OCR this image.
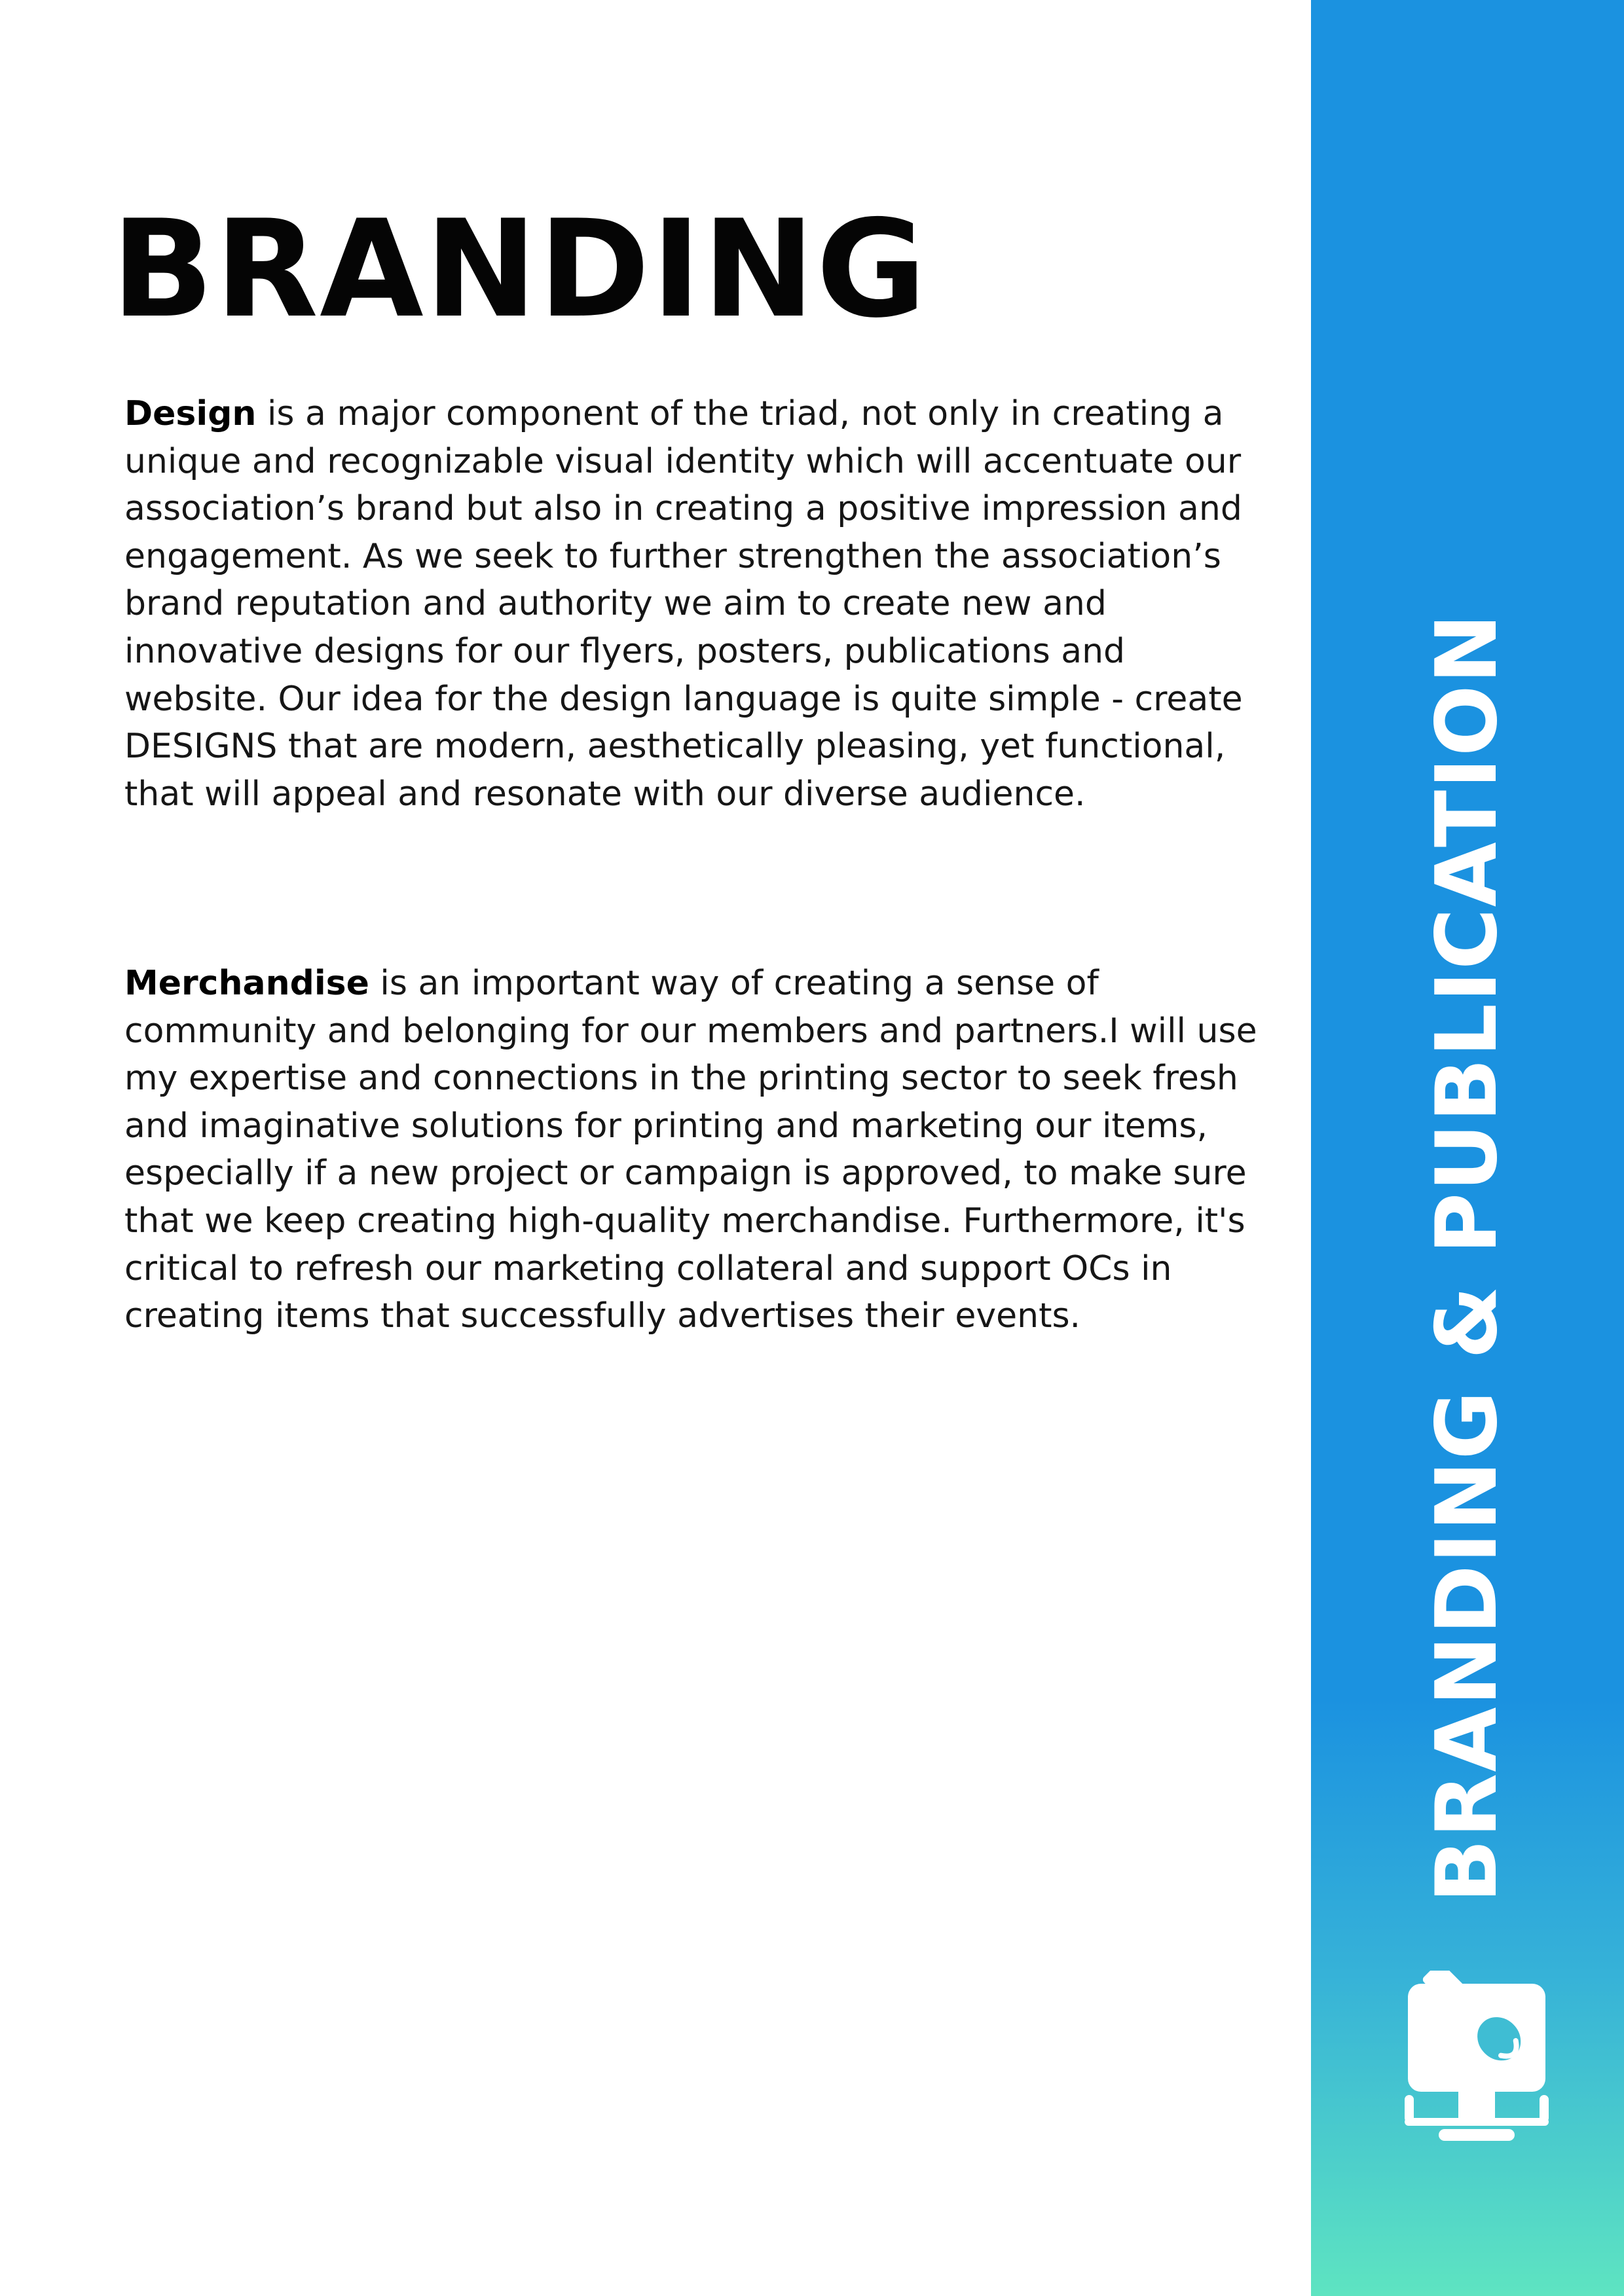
BRANDING

Design is a major component of the triad, not only in creating a unique and recognizable visual identity which will accentuate our association’s brand but also in creating a positive impression and engagement. As we seek to further strengthen the association’s brand reputation and authority we aim to create new and innovative designs for our flyers, posters, publications and website. Our idea for the design language is quite simple - create DESIGNS that are modern, aesthetically pleasing, yet functional, that will appeal and resonate with our diverse audience.

Merchandise is an important way of creating a sense of community and belonging for our members and partners.I will use my expertise and connections in the printing sector to seek fresh and imaginative solutions for printing and marketing our items, especially if a new project or campaign is approved, to make sure that we keep creating high-quality merchandise. Furthermore, it's critical to refresh our marketing collateral and support OCs in creating items that successfully advertises their events.	BRANDING & PUBLICATION
